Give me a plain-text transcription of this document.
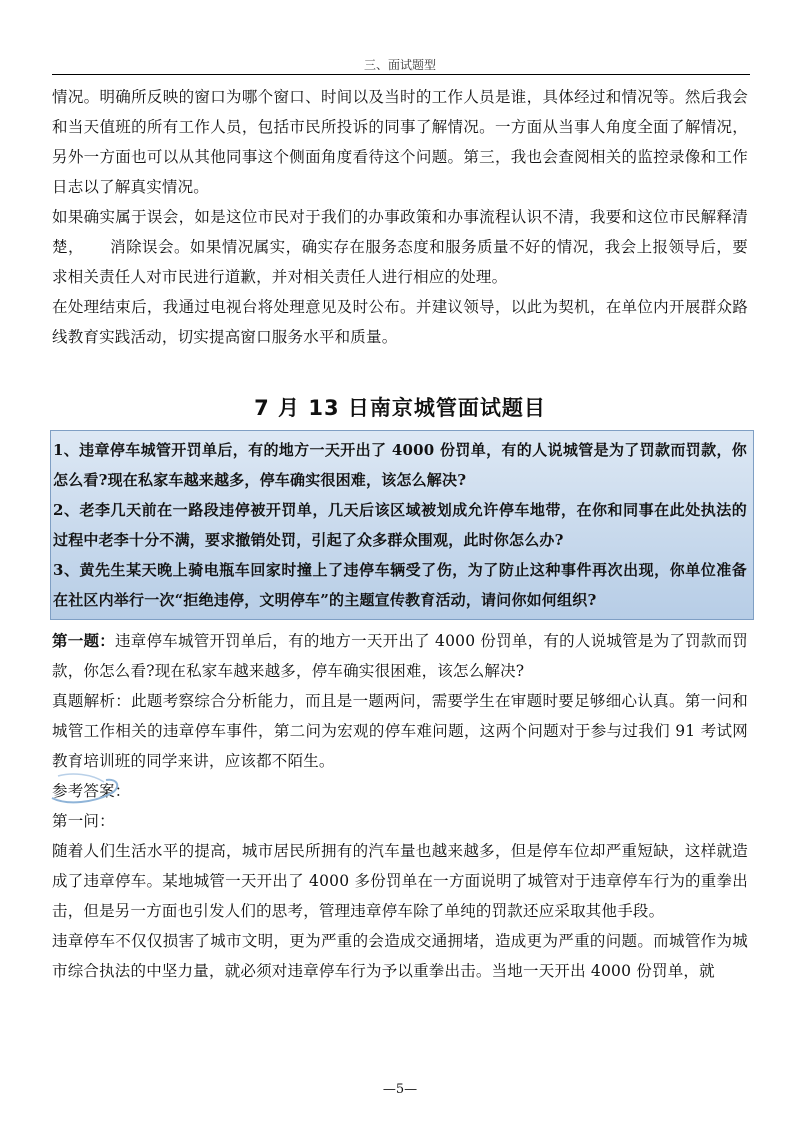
三、面试题型

情况。明确所反映的窗口为哪个窗口、时间以及当时的工作人员是谁，具体经过和情况等。然后我会和当天值班的所有工作人员，包括市民所投诉的同事了解情况。一方面从当事人角度全面了解情况，另外一方面也可以从其他同事这个侧面角度看待这个问题。第三，我也会查阅相关的监控录像和工作日志以了解真实情况。

如果确实属于误会，如是这位市民对于我们的办事政策和办事流程认识不清，我要和这位市民解释清楚， 消除误会。如果情况属实，确实存在服务态度和服务质量不好的情况，我会上报领导后，要求相关责任人对市民进行道歉，并对相关责任人进行相应的处理。

在处理结束后，我通过电视台将处理意见及时公布。并建议领导，以此为契机，在单位内开展群众路线教育实践活动，切实提高窗口服务水平和质量。

7 月 13 日南京城管面试题目

1、违章停车城管开罚单后，有的地方一天开出了 4000 份罚单，有的人说城管是为了罚款而罚款，你怎么看?现在私家车越来越多，停车确实很困难，该怎么解决?

2、老李几天前在一路段违停被开罚单，几天后该区域被划成允许停车地带，在你和同事在此处执法的过程中老李十分不满，要求撤销处罚，引起了众多群众围观，此时你怎么办?

3、黄先生某天晚上骑电瓶车回家时撞上了违停车辆受了伤，为了防止这种事件再次出现，你单位准备在社区内举行一次“拒绝违停，文明停车”的主题宣传教育活动，请问你如何组织?

第一题：违章停车城管开罚单后，有的地方一天开出了 4000 份罚单，有的人说城管是为了罚款而罚款，你怎么看?现在私家车越来越多，停车确实很困难，该怎么解决?

真题解析：此题考察综合分析能力，而且是一题两问，需要学生在审题时要足够细心认真。第一问和城管工作相关的违章停车事件，第二问为宏观的停车难问题，这两个问题对于参与过我们 91 考试网教育培训班的同学来讲，应该都不陌生。

参考答案：

第一问：

随着人们生活水平的提高，城市居民所拥有的汽车量也越来越多，但是停车位却严重短缺，这样就造成了违章停车。某地城管一天开出了 4000 多份罚单在一方面说明了城管对于违章停车行为的重拳出击，但是另一方面也引发人们的思考，管理违章停车除了单纯的罚款还应采取其他手段。

违章停车不仅仅损害了城市文明，更为严重的会造成交通拥堵，造成更为严重的问题。而城管作为城市综合执法的中坚力量，就必须对违章停车行为予以重拳出击。当地一天开出 4000 份罚单，就

—5—
